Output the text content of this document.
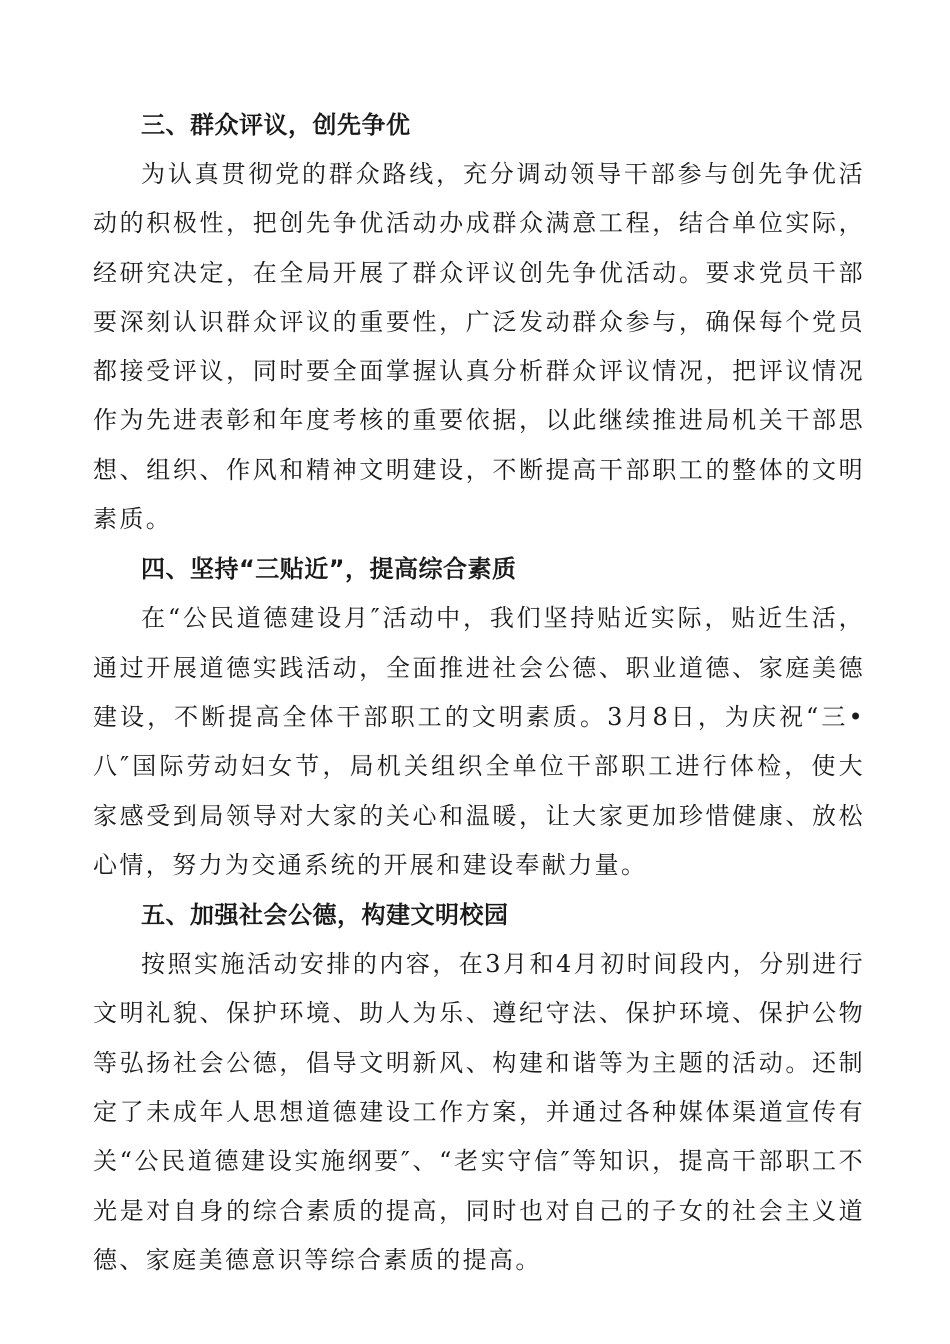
三、群众评议，创先争优

为认真贯彻党的群众路线，充分调动领导干部参与创先争优活动的积极性，把创先争优活动办成群众满意工程，结合单位实际，经研究决定，在全局开展了群众评议创先争优活动。要求党员干部要深刻认识群众评议的重要性，广泛发动群众参与，确保每个党员都接受评议，同时要全面掌握认真分析群众评议情况，把评议情况作为先进表彰和年度考核的重要依据，以此继续推进局机关干部思想、组织、作风和精神文明建设，不断提高干部职工的整体的文明素质。

四、坚持“三贴近”，提高综合素质

在“公民道德建设月″活动中，我们坚持贴近实际，贴近生活，通过开展道德实践活动，全面推进社会公德、职业道德、家庭美德建设，不断提高全体干部职工的文明素质。3月8日，为庆祝“三•八″国际劳动妇女节，局机关组织全单位干部职工进行体检，使大家感受到局领导对大家的关心和温暖，让大家更加珍惜健康、放松心情，努力为交通系统的开展和建设奉献力量。

五、加强社会公德，构建文明校园

按照实施活动安排的内容，在3月和4月初时间段内，分别进行文明礼貌、保护环境、助人为乐、遵纪守法、保护环境、保护公物等弘扬社会公德，倡导文明新风、构建和谐等为主题的活动。还制定了未成年人思想道德建设工作方案，并通过各种媒体渠道宣传有关“公民道德建设实施纲要″、“老实守信″等知识，提高干部职工不光是对自身的综合素质的提高，同时也对自己的子女的社会主义道德、家庭美德意识等综合素质的提高。
